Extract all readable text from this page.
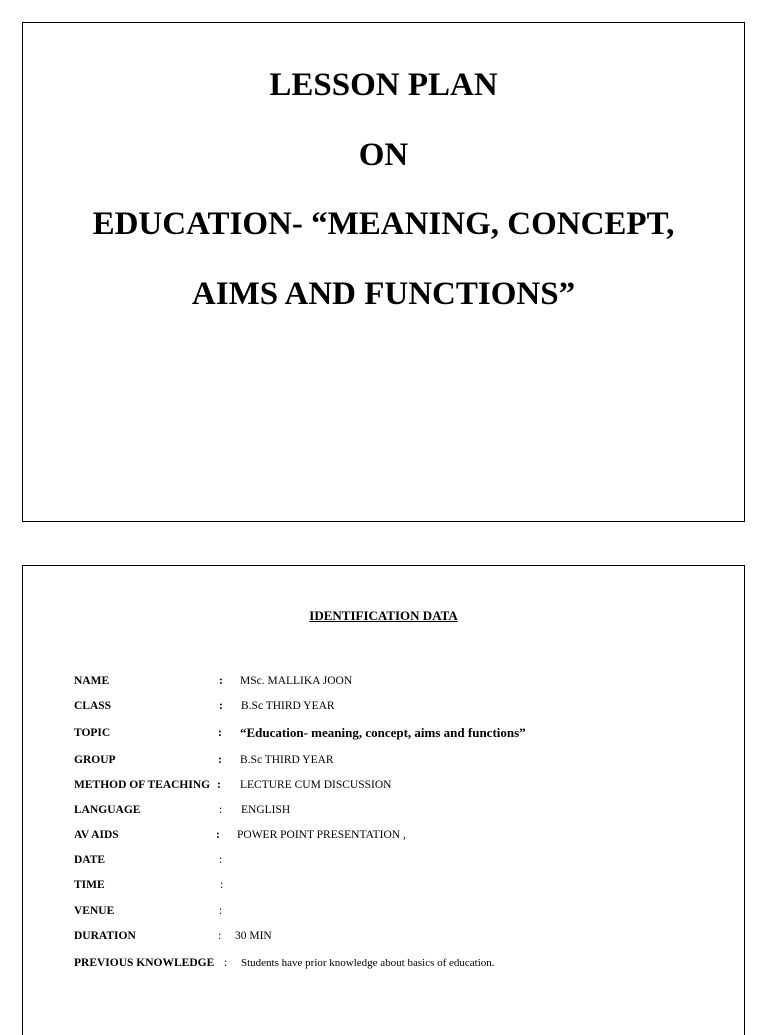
LESSON PLAN
ON
EDUCATION- “MEANING, CONCEPT,
AIMS AND FUNCTIONS”
IDENTIFICATION DATA
NAME	: MSc. MALLIKA JOON
CLASS	: B.Sc THIRD YEAR
TOPIC	: “Education- meaning, concept, aims and functions”
GROUP	: B.Sc THIRD YEAR
METHOD OF TEACHING : LECTURE CUM DISCUSSION
LANGUAGE	: ENGLISH
AV AIDS	: POWER POINT PRESENTATION ,
DATE	:
TIME	:
VENUE	:
DURATION	: 30 MIN
PREVIOUS KNOWLEDGE : Students have prior knowledge about basics of education.
